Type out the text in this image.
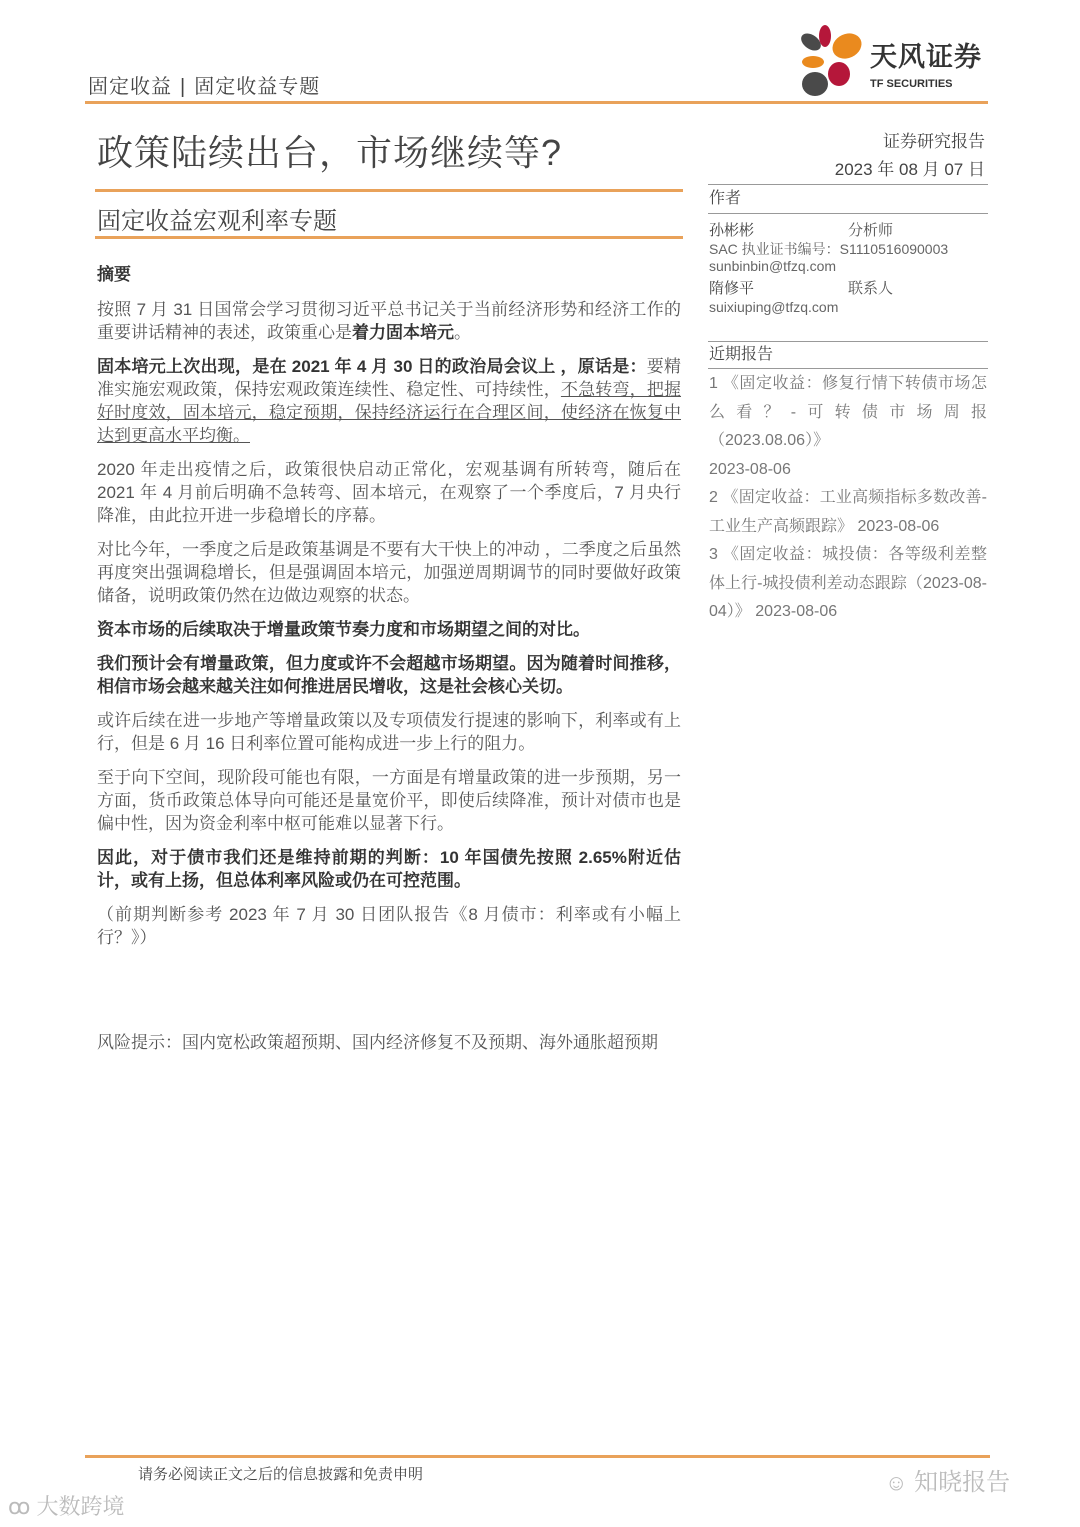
固定收益 | 固定收益专题
天风证券
TF SECURITIES
政策陆续出台，市场继续等?
固定收益宏观利率专题
证券研究报告
2023 年 08 月 07 日
作者
孙彬彬	分析师
SAC 执业证书编号：S1110516090003
sunbinbin@tfzq.com
隋修平	联系人
suixiuping@tfzq.com
近期报告
1 《固定收益：修复行情下转债市场怎么看？-可转债市场周报（2023.08.06）》
2023-08-06
2 《固定收益：工业高频指标多数改善-工业生产高频跟踪》 2023-08-06
3 《固定收益：城投债：各等级利差整体上行-城投债利差动态跟踪（2023-08-04）》 2023-08-06
摘要
按照 7 月 31 日国常会学习贯彻习近平总书记关于当前经济形势和经济工作的重要讲话精神的表述，政策重心是着力固本培元。
固本培元上次出现，是在 2021 年 4 月 30 日的政治局会议上 ，原话是：要精准实施宏观政策，保持宏观政策连续性、稳定性、可持续性，不急转弯，把握好时度效，固本培元，稳定预期，保持经济运行在合理区间，使经济在恢复中达到更高水平均衡。
2020 年走出疫情之后，政策很快启动正常化，宏观基调有所转弯，随后在 2021 年 4 月前后明确不急转弯、固本培元，在观察了一个季度后，7 月央行降准，由此拉开进一步稳增长的序幕。
对比今年，一季度之后是政策基调是不要有大干快上的冲动 ，二季度之后虽然再度突出强调稳增长，但是强调固本培元，加强逆周期调节的同时要做好政策储备，说明政策仍然在边做边观察的状态。
资本市场的后续取决于增量政策节奏力度和市场期望之间的对比。
我们预计会有增量政策，但力度或许不会超越市场期望。因为随着时间推移，相信市场会越来越关注如何推进居民增收，这是社会核心关切。
或许后续在进一步地产等增量政策以及专项债发行提速的影响下，利率或有上行，但是 6 月 16 日利率位置可能构成进一步上行的阻力。
至于向下空间，现阶段可能也有限，一方面是有增量政策的进一步预期，另一方面，货币政策总体导向可能还是量宽价平，即使后续降准，预计对债市也是偏中性，因为资金利率中枢可能难以显著下行。
因此，对于债市我们还是维持前期的判断：10 年国债先按照 2.65%附近估计，或有上扬，但总体利率风险或仍在可控范围。
（前期判断参考 2023 年 7 月 30 日团队报告《8 月债市：利率或有小幅上行？》）
风险提示：国内宽松政策超预期、国内经济修复不及预期、海外通胀超预期
请务必阅读正文之后的信息披露和免责申明	☺ 知晓报告
ꝏ 大数跨境
